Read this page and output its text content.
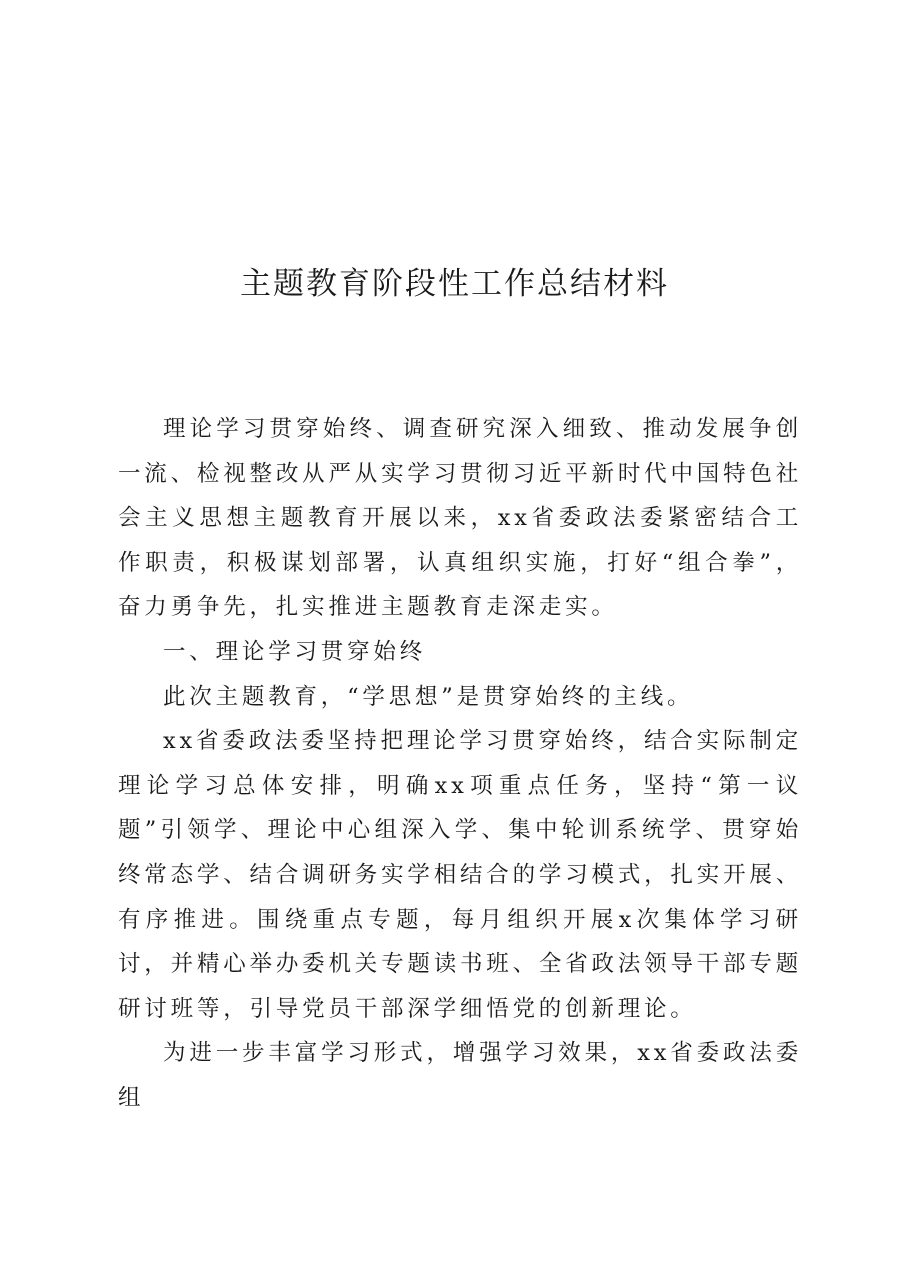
主题教育阶段性工作总结材料

理论学习贯穿始终、调查研究深入细致、推动发展争创一流、检视整改从严从实学习贯彻习近平新时代中国特色社会主义思想主题教育开展以来，xx省委政法委紧密结合工作职责，积极谋划部署，认真组织实施，打好“组合拳”，奋力勇争先，扎实推进主题教育走深走实。

一、理论学习贯穿始终

此次主题教育，“学思想”是贯穿始终的主线。

xx省委政法委坚持把理论学习贯穿始终，结合实际制定理论学习总体安排，明确xx项重点任务，坚持“第一议题”引领学、理论中心组深入学、集中轮训系统学、贯穿始终常态学、结合调研务实学相结合的学习模式，扎实开展、有序推进。围绕重点专题，每月组织开展x次集体学习研讨，并精心举办委机关专题读书班、全省政法领导干部专题研讨班等，引导党员干部深学细悟党的创新理论。

为进一步丰富学习形式，增强学习效果，xx省委政法委组
